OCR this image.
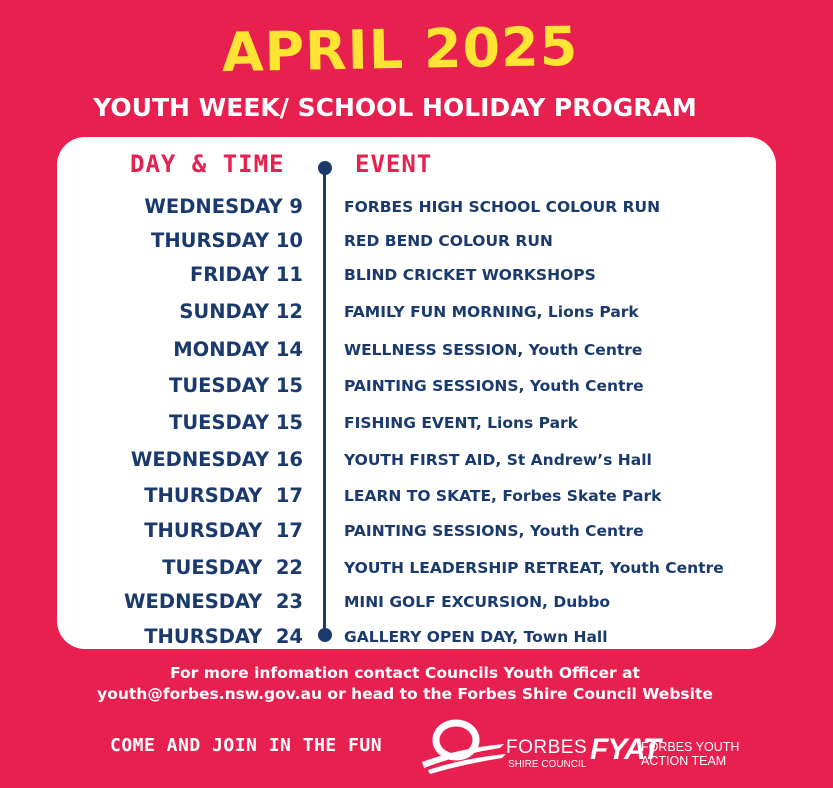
APRIL 2025
YOUTH WEEK/ SCHOOL HOLIDAY PROGRAM
DAY & TIME	EVENT
WEDNESDAY 9	FORBES HIGH SCHOOL COLOUR RUN
THURSDAY 10	RED BEND COLOUR RUN
FRIDAY 11	BLIND CRICKET WORKSHOPS
SUNDAY 12	FAMILY FUN MORNING, Lions Park
MONDAY 14	WELLNESS SESSION, Youth Centre
TUESDAY 15	PAINTING SESSIONS, Youth Centre
TUESDAY 15	FISHING EVENT, Lions Park
WEDNESDAY 16	YOUTH FIRST AID, St Andrew’s Hall
THURSDAY  17	LEARN TO SKATE, Forbes Skate Park
THURSDAY  17	PAINTING SESSIONS, Youth Centre
TUESDAY  22	YOUTH LEADERSHIP RETREAT, Youth Centre
WEDNESDAY  23	MINI GOLF EXCURSION, Dubbo
THURSDAY  24	GALLERY OPEN DAY, Town Hall
For more infomation contact Councils Youth Officer at
youth@forbes.nsw.gov.au or head to the Forbes Shire Council Website
COME AND JOIN IN THE FUN	FORBES
SHIRE COUNCIL FYAT
FORBES YOUTH
ACTION TEAM
